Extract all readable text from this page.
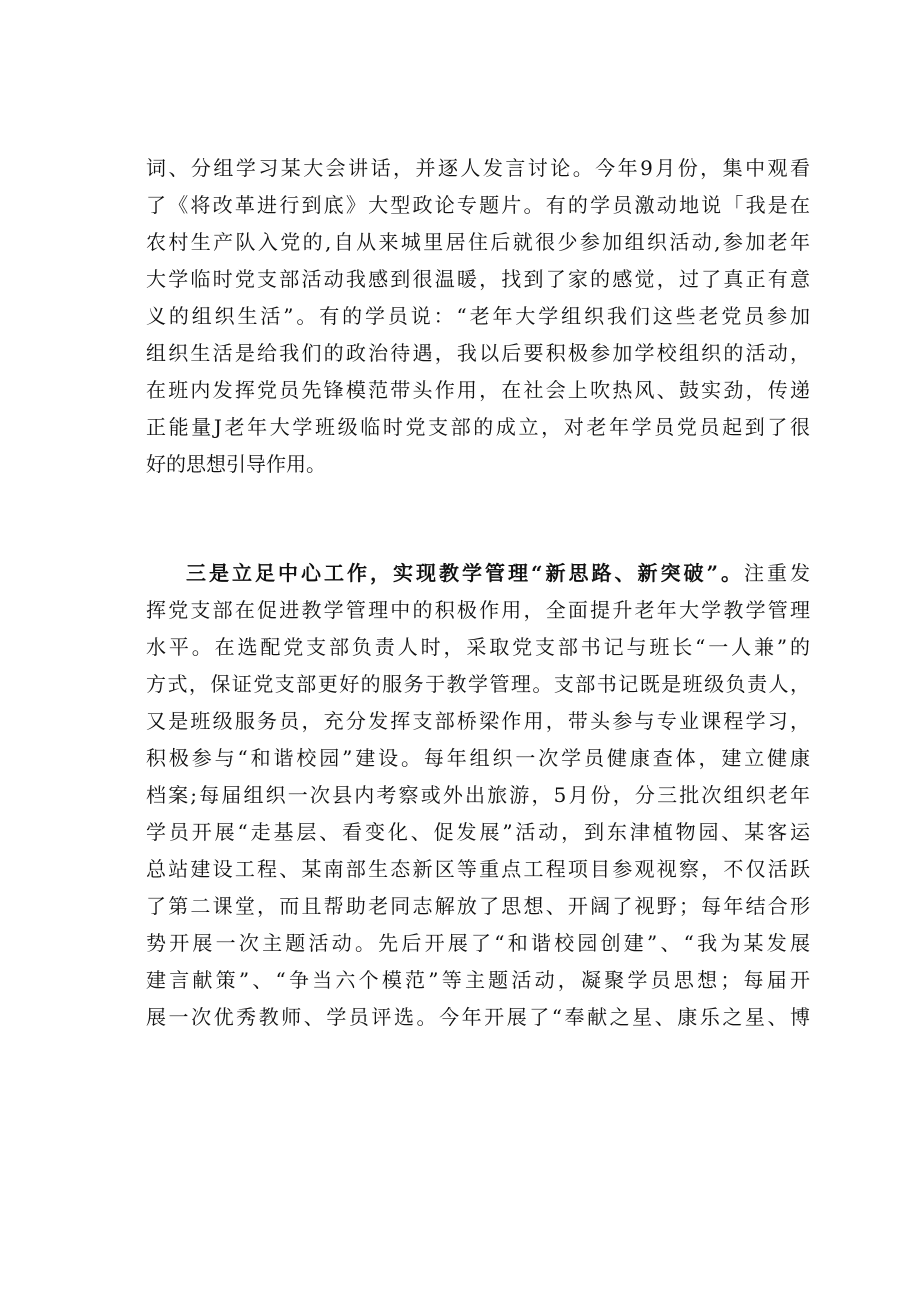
词、分组学习某大会讲话，并逐人发言讨论。今年9月份，集中观看
了《将改革进行到底》大型政论专题片。有的学员激动地说「我是在
农村生产队入党的,自从来城里居住后就很少参加组织活动,参加老年
大学临时党支部活动我感到很温暖，找到了家的感觉，过了真正有意
义的组织生活”。有的学员说：“老年大学组织我们这些老党员参加
组织生活是给我们的政治待遇，我以后要积极参加学校组织的活动，
在班内发挥党员先锋模范带头作用，在社会上吹热风、鼓实劲，传递
正能量J老年大学班级临时党支部的成立，对老年学员党员起到了很
好的思想引导作用。
三是立足中心工作，实现教学管理“新思路、新突破”。注重发
挥党支部在促进教学管理中的积极作用，全面提升老年大学教学管理
水平。在选配党支部负责人时，采取党支部书记与班长“一人兼”的
方式，保证党支部更好的服务于教学管理。支部书记既是班级负责人，
又是班级服务员，充分发挥支部桥梁作用，带头参与专业课程学习，
积极参与“和谐校园”建设。每年组织一次学员健康查体，建立健康
档案;每届组织一次县内考察或外出旅游，5月份，分三批次组织老年
学员开展“走基层、看变化、促发展”活动，到东津植物园、某客运
总站建设工程、某南部生态新区等重点工程项目参观视察，不仅活跃
了第二课堂，而且帮助老同志解放了思想、开阔了视野；每年结合形
势开展一次主题活动。先后开展了“和谐校园创建”、“我为某发展
建言献策”、“争当六个模范”等主题活动，凝聚学员思想；每届开
展一次优秀教师、学员评选。今年开展了“奉献之星、康乐之星、博
